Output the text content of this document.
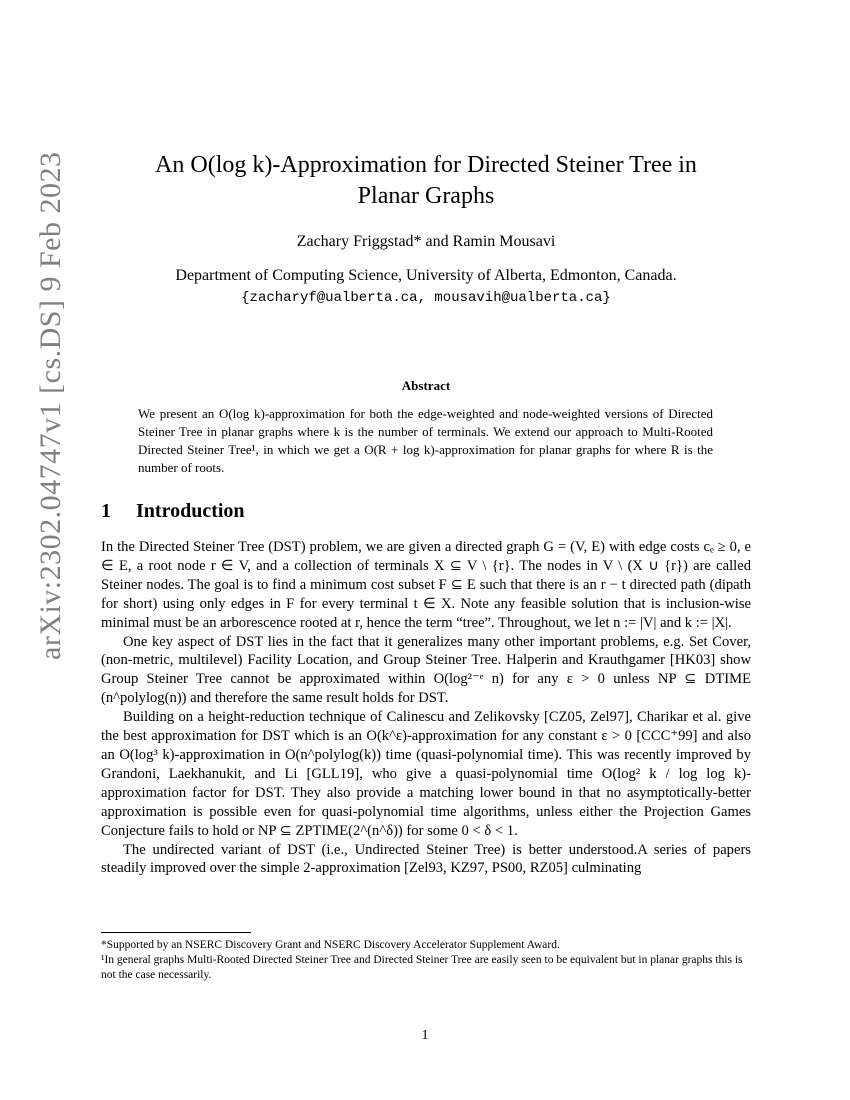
arXiv:2302.04747v1 [cs.DS] 9 Feb 2023	An O(log k)-Approximation for Directed Steiner Tree in
Planar Graphs
Zachary Friggstad* and Ramin Mousavi
Department of Computing Science, University of Alberta, Edmonton, Canada.
{zacharyf@ualberta.ca, mousavih@ualberta.ca}
Abstract
We present an O(log k)-approximation for both the edge-weighted and node-weighted versions of Directed Steiner Tree in planar graphs where k is the number of terminals. We extend our approach to Multi-Rooted Directed Steiner Tree¹, in which we get a O(R + log k)-approximation for planar graphs for where R is the number of roots.
1 Introduction

In the Directed Steiner Tree (DST) problem, we are given a directed graph G = (V, E) with edge costs cₑ ≥ 0, e ∈ E, a root node r ∈ V, and a collection of terminals X ⊆ V \ {r}. The nodes in V \ (X ∪ {r}) are called Steiner nodes. The goal is to find a minimum cost subset F ⊆ E such that there is an r − t directed path (dipath for short) using only edges in F for every terminal t ∈ X. Note any feasible solution that is inclusion-wise minimal must be an arborescence rooted at r, hence the term “tree”. Throughout, we let n := |V| and k := |X|.

One key aspect of DST lies in the fact that it generalizes many other important problems, e.g. Set Cover, (non-metric, multilevel) Facility Location, and Group Steiner Tree. Halperin and Krauthgamer [HK03] show Group Steiner Tree cannot be approximated within O(log²⁻ᵉ n) for any ε > 0 unless NP ⊆ DTIME (n^polylog(n)) and therefore the same result holds for DST.

Building on a height-reduction technique of Calinescu and Zelikovsky [CZ05, Zel97], Charikar et al. give the best approximation for DST which is an O(k^ε)-approximation for any constant ε > 0 [CCC⁺99] and also an O(log³ k)-approximation in O(n^polylog(k)) time (quasi-polynomial time). This was recently improved by Grandoni, Laekhanukit, and Li [GLL19], who give a quasi-polynomial time O(log² k / log log k)-approximation factor for DST. They also provide a matching lower bound in that no asymptotically-better approximation is possible even for quasi-polynomial time algorithms, unless either the Projection Games Conjecture fails to hold or NP ⊆ ZPTIME(2^(n^δ)) for some 0 < δ < 1.

The undirected variant of DST (i.e., Undirected Steiner Tree) is better understood.A series of papers steadily improved over the simple 2-approximation [Zel93, KZ97, PS00, RZ05] culminating

*Supported by an NSERC Discovery Grant and NSERC Discovery Accelerator Supplement Award.

¹In general graphs Multi-Rooted Directed Steiner Tree and Directed Steiner Tree are easily seen to be equivalent but in planar graphs this is not the case necessarily.

1
